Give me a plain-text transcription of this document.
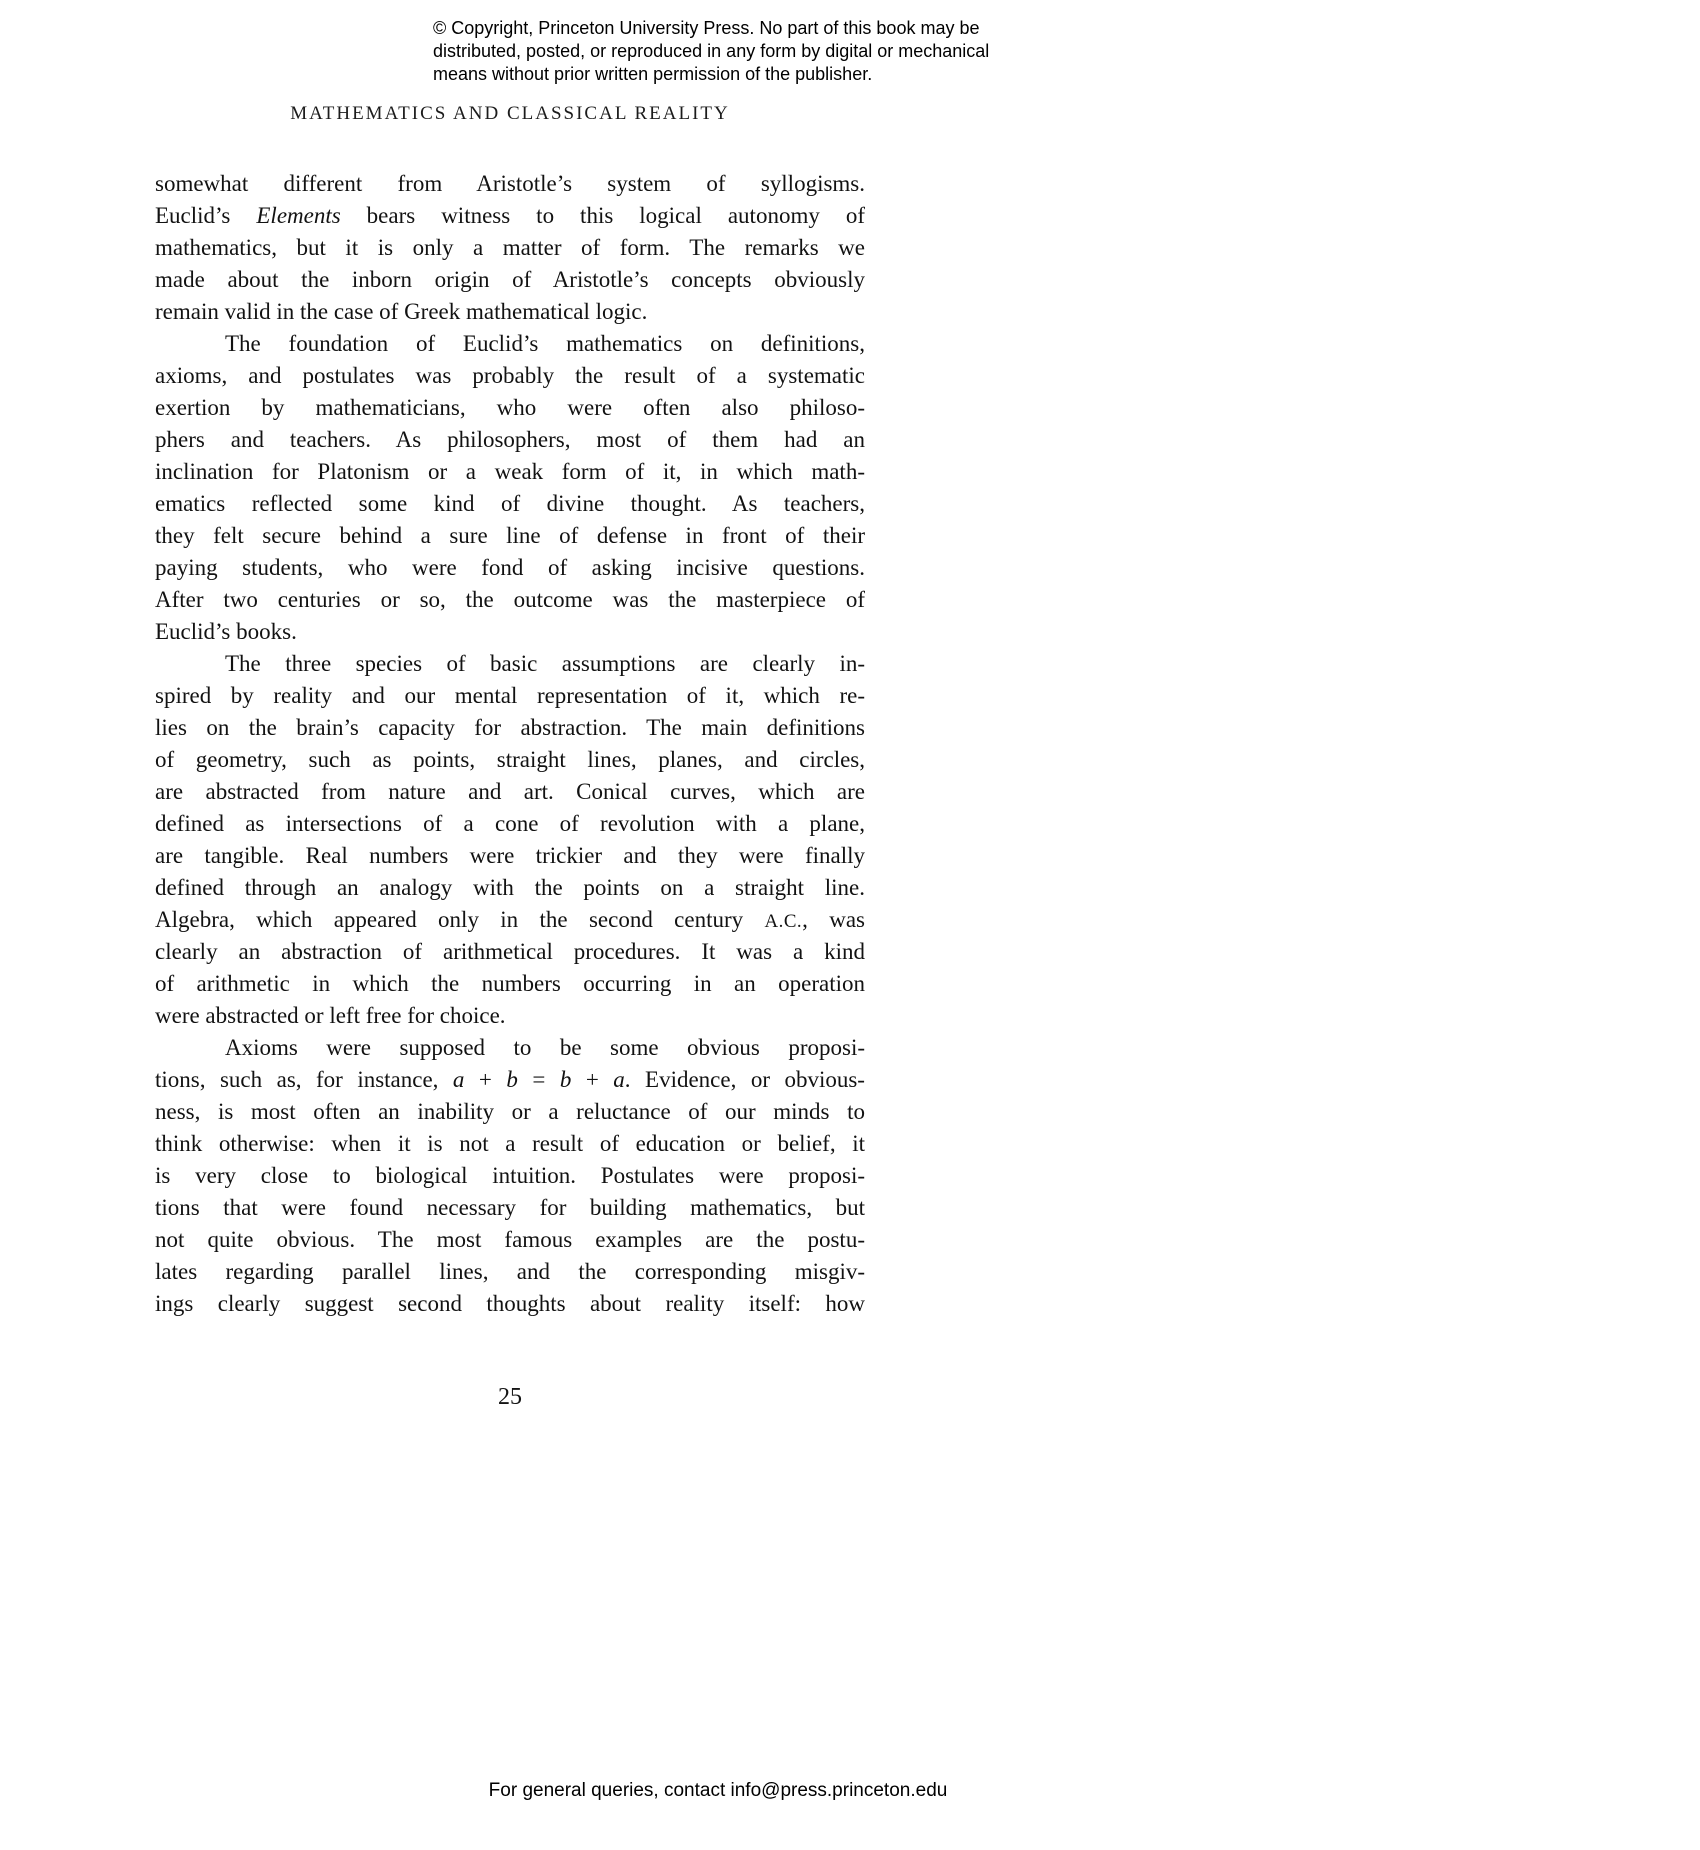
© Copyright, Princeton University Press. No part of this book may be
distributed, posted, or reproduced in any form by digital or mechanical
means without prior written permission of the publisher.
MATHEMATICS AND CLASSICAL REALITY
somewhat different from Aristotle’s system of syllogisms.
Euclid’s Elements bears witness to this logical autonomy of
mathematics, but it is only a matter of form. The remarks we
made about the inborn origin of Aristotle’s concepts obviously
remain valid in the case of Greek mathematical logic.
The foundation of Euclid’s mathematics on definitions,
axioms, and postulates was probably the result of a systematic
exertion by mathematicians, who were often also philoso-
phers and teachers. As philosophers, most of them had an
inclination for Platonism or a weak form of it, in which math-
ematics reflected some kind of divine thought. As teachers,
they felt secure behind a sure line of defense in front of their
paying students, who were fond of asking incisive questions.
After two centuries or so, the outcome was the masterpiece of
Euclid’s books.
The three species of basic assumptions are clearly in-
spired by reality and our mental representation of it, which re-
lies on the brain’s capacity for abstraction. The main definitions
of geometry, such as points, straight lines, planes, and circles,
are abstracted from nature and art. Conical curves, which are
defined as intersections of a cone of revolution with a plane,
are tangible. Real numbers were trickier and they were finally
defined through an analogy with the points on a straight line.
Algebra, which appeared only in the second century A.C., was
clearly an abstraction of arithmetical procedures. It was a kind
of arithmetic in which the numbers occurring in an operation
were abstracted or left free for choice.
Axioms were supposed to be some obvious proposi-
tions, such as, for instance, a + b = b + a. Evidence, or obvious-
ness, is most often an inability or a reluctance of our minds to
think otherwise: when it is not a result of education or belief, it
is very close to biological intuition. Postulates were proposi-
tions that were found necessary for building mathematics, but
not quite obvious. The most famous examples are the postu-
lates regarding parallel lines, and the corresponding misgiv-
ings clearly suggest second thoughts about reality itself: how
25
For general queries, contact info@press.princeton.edu
